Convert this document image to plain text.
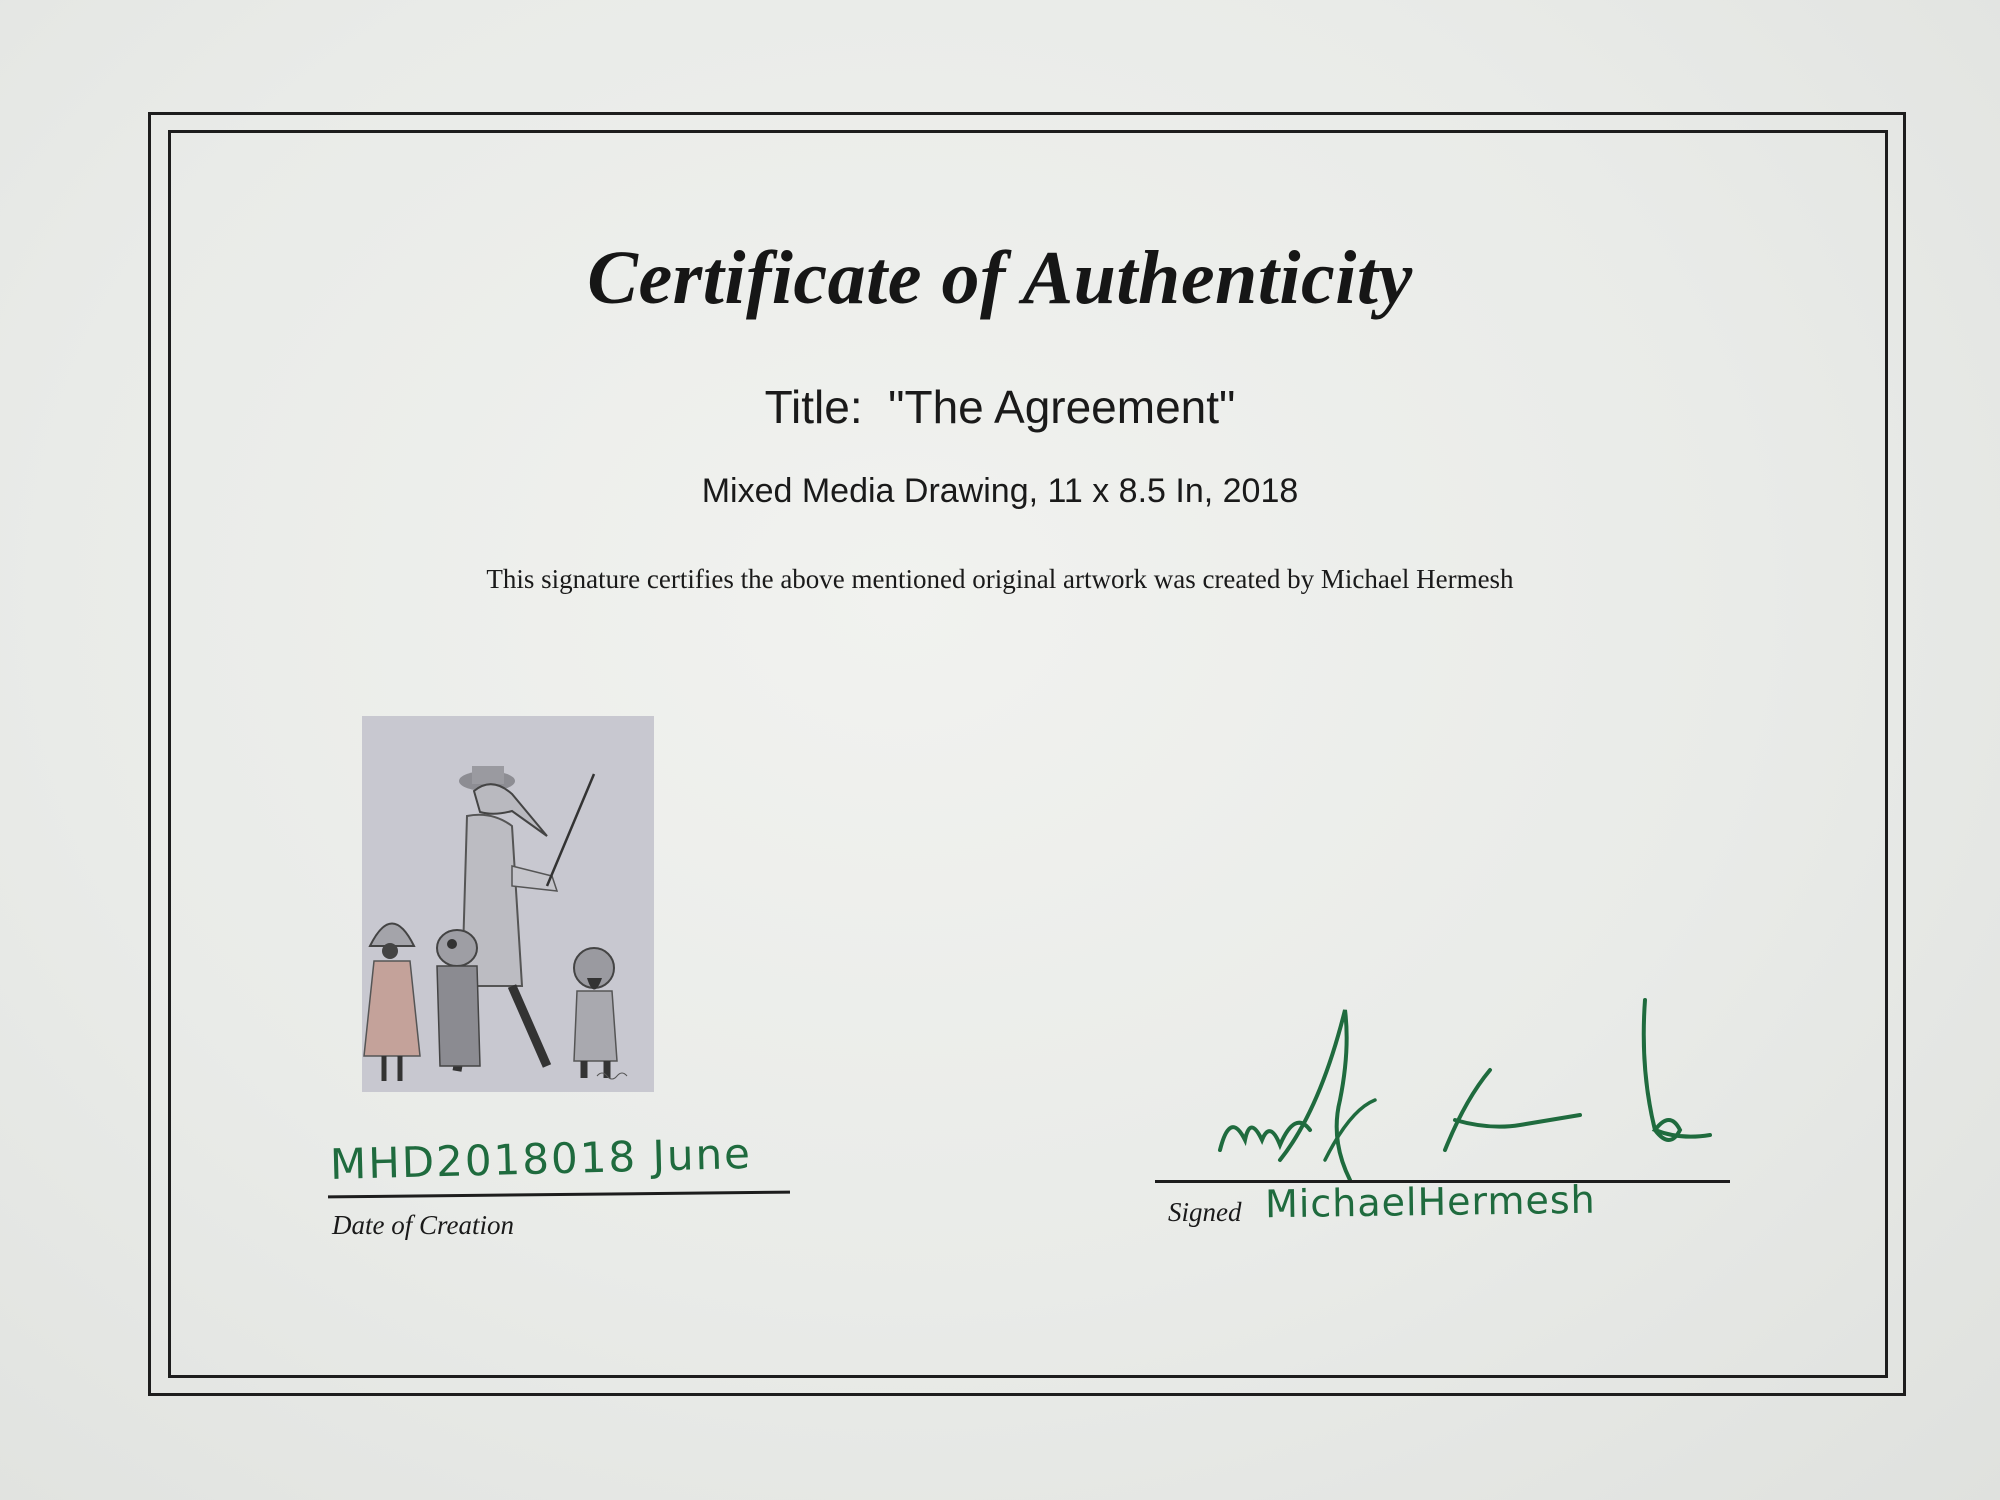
Certificate of Authenticity
Title:  "The Agreement"
Mixed Media Drawing, 11 x 8.5 In, 2018
This signature certifies the above mentioned original artwork was created by Michael Hermesh
MHD2018018 June
Date of Creation	Signed MichaelHermesh
